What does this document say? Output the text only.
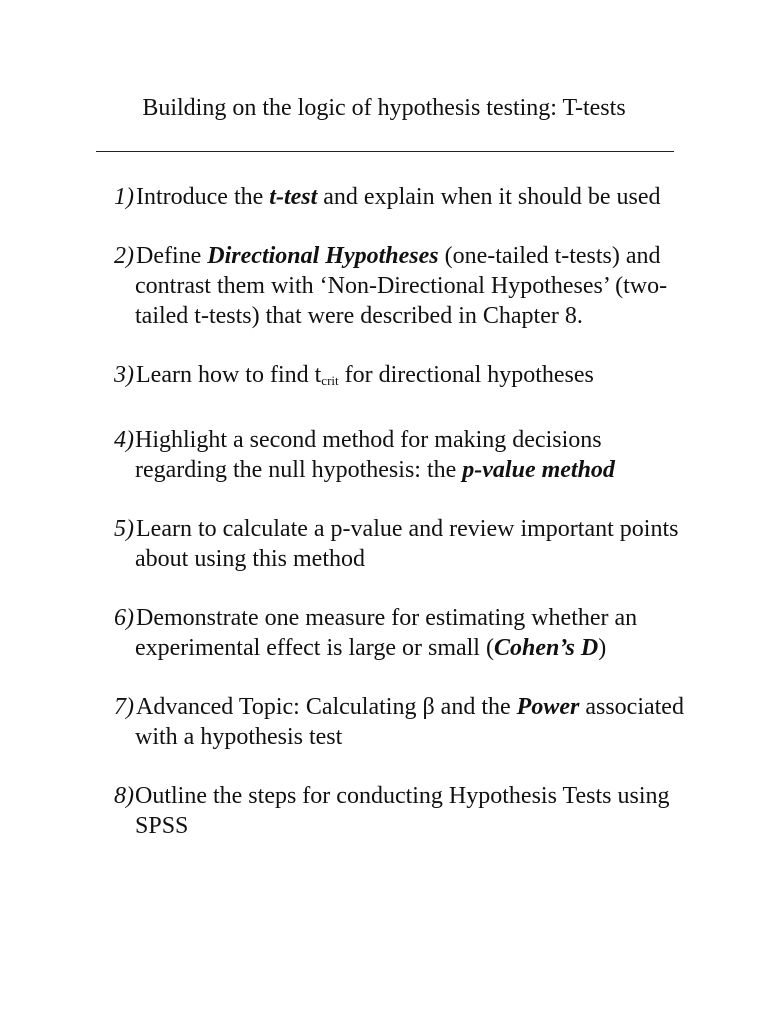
Building on the logic of hypothesis testing: T-tests
1) Introduce the t-test and explain when it should be used
2) Define Directional Hypotheses (one-tailed t-tests) and contrast them with ‘Non-Directional Hypotheses’ (two-tailed t-tests) that were described in Chapter 8.
3) Learn how to find $t_{crit}$ for directional hypotheses
4) Highlight a second method for making decisions regarding the null hypothesis: the p-value method
5) Learn to calculate a p-value and review important points about using this method
6) Demonstrate one measure for estimating whether an experimental effect is large or small (Cohen’s D)
7) Advanced Topic: Calculating β and the Power associated with a hypothesis test
8) Outline the steps for conducting Hypothesis Tests using SPSS
